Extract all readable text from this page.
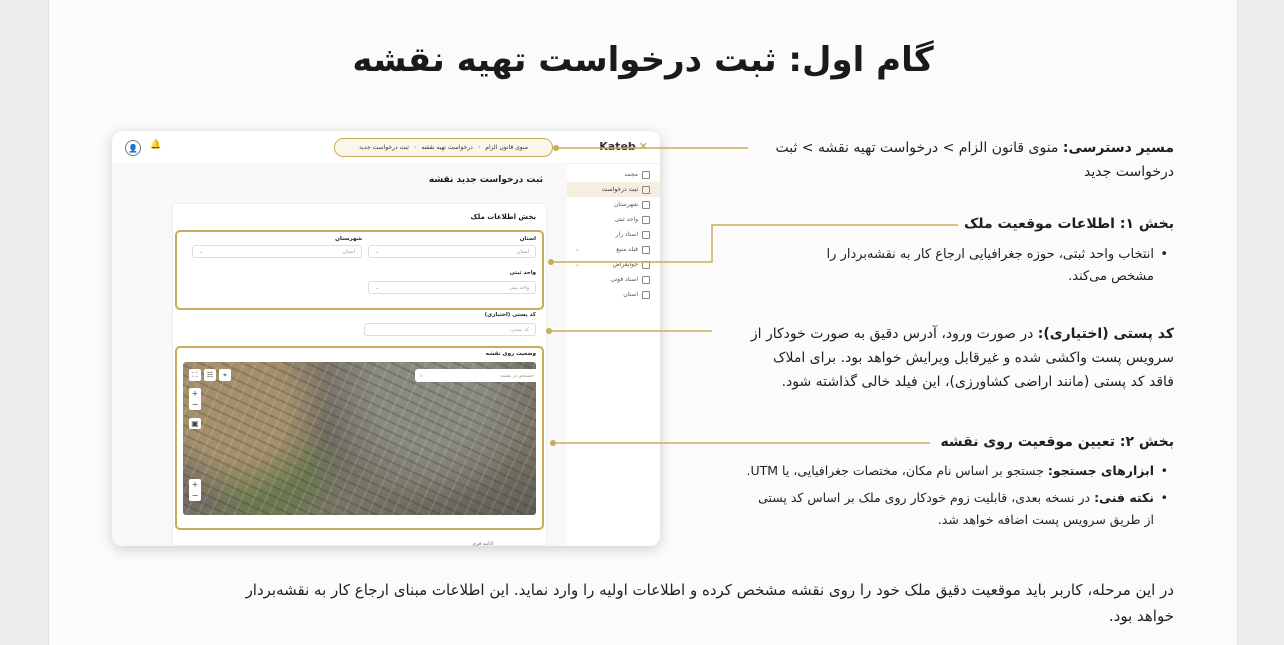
گام اول: ثبت درخواست تهیه نقشه
Kateb ✕
منوی قانون الزام
‹
درخواست تهیه نقشه
‹
ثبت درخواست جدید
👤	🔔
مجمد
ثبت درخواست
شهرستان
واحد ثبتی
استاد زار
⌄	فیلد منبع
⌄	جوابقراض
اسناد فوتی
استان
ثبت درخواست جدید نقشه
بخش اطلاعات ملک
استان
شهرستان
استان
⌄
استان
⌄
واحد ثبتی
واحد ثبتی
⌄
کد پستی (اختیاری)
کد پستی
وضعیت روی نقشه
جستجو در نقشه
⌕
⛶	☷	⌖
+
−
▣
+
−
ادامه فرم
مسیر دسترسی: منوی قانون الزام > درخواست تهیه نقشه > ثبت
درخواست جدید
بخش ۱: اطلاعات موقعیت ملک
• انتخاب واحد ثبتی، حوزه جغرافیایی ارجاع کار به نقشه‌بردار را
مشخص می‌کند.
کد پستی (اختیاری): در صورت ورود، آدرس دقیق به صورت خودکار از
سرویس پست واکشی شده و غیرقابل ویرایش خواهد بود. برای املاک
فاقد کد پستی (مانند اراضی کشاورزی)، این فیلد خالی گذاشته شود.
بخش ۲: تعیین موقعیت روی نقشه
• ابزارهای جستجو: جستجو بر اساس نام مکان، مختصات جغرافیایی، یا UTM.
• نکته فنی: در نسخه بعدی، قابلیت زوم خودکار روی ملک بر اساس کد پستی
از طریق سرویس پست اضافه خواهد شد.
در این مرحله، کاربر باید موقعیت دقیق ملک خود را روی نقشه مشخص کرده و اطلاعات اولیه را وارد نماید. این اطلاعات مبنای ارجاع کار به نقشه‌بردار
خواهد بود.
